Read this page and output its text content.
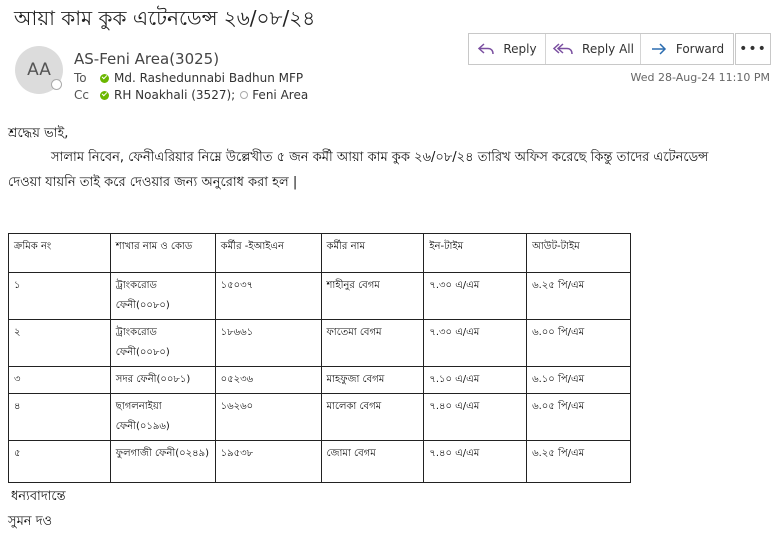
আয়া কাম কুক এটেনডেন্স ২৬/০৮/২৪
AA
AS-Feni Area(3025)
To	Md. Rashedunnabi Badhun MFP
Cc	RH Noakhali (3527); Feni Area
Reply	Reply All	Forward •••
Wed 28-Aug-24 11:10 PM
শ্রদ্ধেয় ভাই,
সালাম নিবেন, ফেনীএরিয়ার নিম্নে উল্লেখীত ৫ জন কর্মী আয়া কাম কুক ২৬/০৮/২৪ তারিখ অফিস করেছে কিন্তু তাদের এটেনডেন্স
দেওয়া যায়নি তাই করে দেওয়ার জন্য অনুরোধ করা হল |
ক্রমিক নং	শাখার নাম ও কোড	কর্মীর -ইআইএন	কর্মীর নাম	ইন-টাইম	আউট-টাইম
১	ট্রাংকরোড ফেনী(০০৮০)	১৫০৩৭	শাহীনুর বেগম	৭.৩০ এ/এম	৬.২৫ পি/এম
২	ট্রাংকরোড ফেনী(০০৮০)	১৮৬৬১	ফাতেমা বেগম	৭.৩০ এ/এম	৬.০০ পি/এম
৩	সদর ফেনী(০০৮১)	০৫২৩৬	মাহফুজা বেগম	৭.১০ এ/এম	৬.১০ পি/এম
৪	ছাগলনাইয়া ফেনী(০১৯৬)	১৬২৬০	মালেকা বেগম	৭.৪০ এ/এম	৬.০৫ পি/এম
৫	ফুলগাজী ফেনী(০২৪৯)	১৯৫৩৮	জোমা বেগম	৭.৪০ এ/এম	৬.২৫ পি/এম
ধন্যবাদান্তে
সুমন দও
